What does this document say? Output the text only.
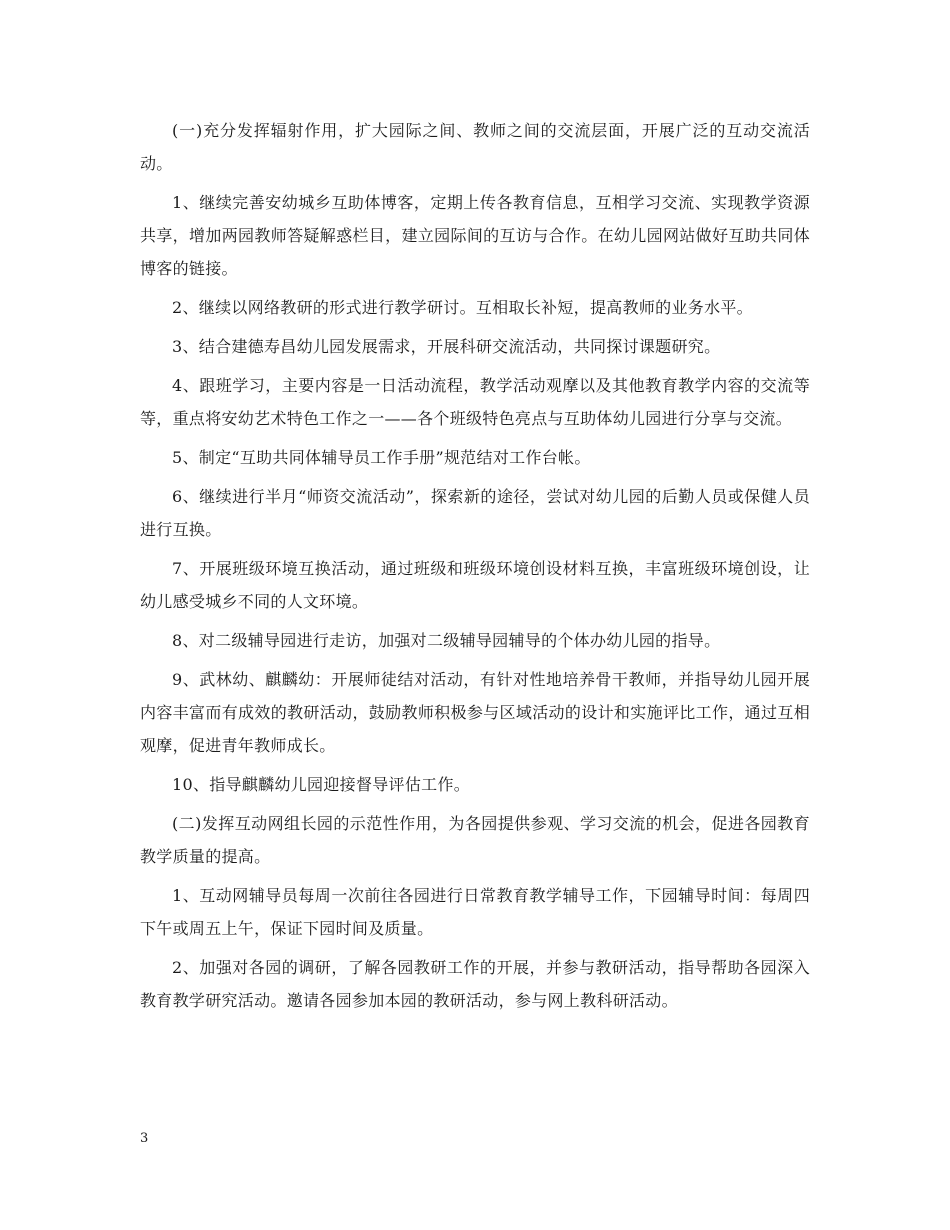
(一)充分发挥辐射作用，扩大园际之间、教师之间的交流层面，开展广泛的互动交流活动。

1、继续完善安幼城乡互助体博客，定期上传各教育信息，互相学习交流、实现教学资源共享，增加两园教师答疑解惑栏目，建立园际间的互访与合作。在幼儿园网站做好互助共同体博客的链接。

2、继续以网络教研的形式进行教学研讨。互相取长补短，提高教师的业务水平。

3、结合建德寿昌幼儿园发展需求，开展科研交流活动，共同探讨课题研究。

4、跟班学习，主要内容是一日活动流程，教学活动观摩以及其他教育教学内容的交流等等，重点将安幼艺术特色工作之一——各个班级特色亮点与互助体幼儿园进行分享与交流。

5、制定“互助共同体辅导员工作手册”规范结对工作台帐。

6、继续进行半月“师资交流活动”，探索新的途径，尝试对幼儿园的后勤人员或保健人员进行互换。

7、开展班级环境互换活动，通过班级和班级环境创设材料互换，丰富班级环境创设，让幼儿感受城乡不同的人文环境。

8、对二级辅导园进行走访，加强对二级辅导园辅导的个体办幼儿园的指导。

9、武林幼、麒麟幼：开展师徒结对活动，有针对性地培养骨干教师，并指导幼儿园开展内容丰富而有成效的教研活动，鼓励教师积极参与区域活动的设计和实施评比工作，通过互相观摩，促进青年教师成长。

10、指导麒麟幼儿园迎接督导评估工作。

(二)发挥互动网组长园的示范性作用，为各园提供参观、学习交流的机会，促进各园教育教学质量的提高。

1、互动网辅导员每周一次前往各园进行日常教育教学辅导工作，下园辅导时间：每周四下午或周五上午，保证下园时间及质量。

2、加强对各园的调研，了解各园教研工作的开展，并参与教研活动，指导帮助各园深入教育教学研究活动。邀请各园参加本园的教研活动，参与网上教科研活动。

3
